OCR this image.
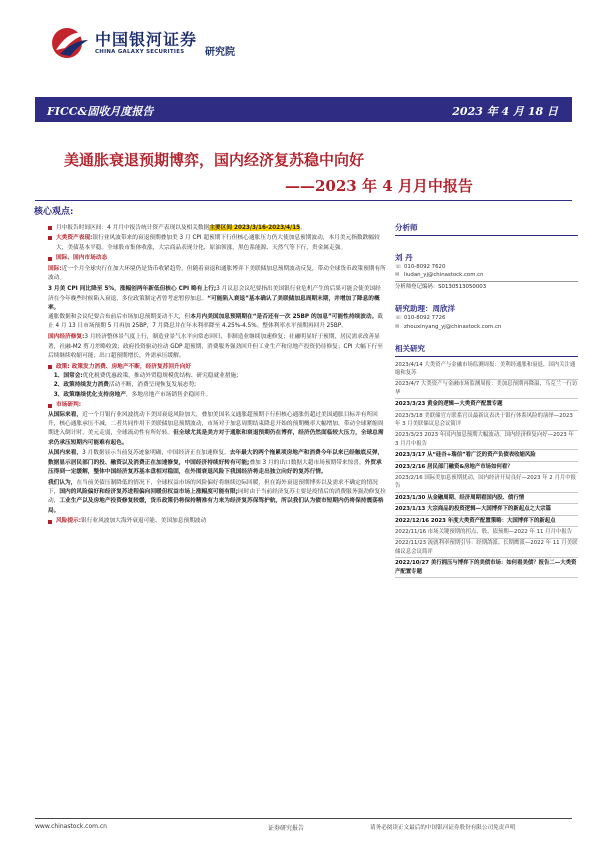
中国银河证券
CHINA GALAXY SECURITIES 研究院
FICC&固收月度报告	2023 年 4 月 18 日
美通胀衰退预期博弈，国内经济复苏稳中向好
——2023 年 4 月月中报告
核心观点:

月中报告时间区间：4 月月中报告统计资产表现以及相关数据主要区间 2023/3/16-2023/4/15。

大类资产表现:银行业风波带来的衰退预期叠加美 3 月 CPI 超预期下行但核心通胀压力仍大使加息预期波动，本月美元指数跌幅较大，美债基本平稳。全球股市集体收涨，大宗商品表现分化，原油领涨，黑色系能源、天然气等下行，贵金属走强。

国际、国内市场动态

国际:近一个月全球央行在加大环境仍是货币收紧趋势，但随着衰退和通胀博弈下美联储加息预期波动反复，带动全球货币政策预期有所波动。

3 月美 CPI 同比降至 5%，涨幅创两年新低但核心 CPI 略有上行;3 月议息会议纪要指出美国银行业危机产生的后果可能会使美国经济在今年晚些时候陷入衰退，多位政策制定者曾考虑暂停加息。“可能陷入衰退”基本确认了美联储加息周期末期，并增加了降息的概率。

通胀数据和会议纪要合布前后市场加息预期变动不大，但本月内美国加息预期期在“是否还有一次 25BP 的加息”可能性持续波动。截止 4 月 13 日市场预期 5 月再加 25BP，7 月降息并在年末利率降至 4.25%-4.5%。整体利率水平预期再回升 25BP。

国内经济修复:3 月经济整体景气度上行，制造业景气水平向常态回归，非制造业继续加速修复；社融明显好于预期，居民需求改善显著，社融-M2 剪刀差略收敛；政府投资驱动拉动 GDP 超预期，消费服务强劲回升但工业生产和房地产投资仍待修复；CPI 大幅下行至后续继续收缩可能；出口超预期增长，外需承压缓解。

政策: 政策发力消费、房地产不断，经济复苏回升向好

1、国常会:优化税费优惠政策，推动外贸稳规模优结构、研究稳就业措施;

2、政策持续发力消费活动不断，消费呈现恢复发展态势;

3、政策继续优化支持房地产，多地房地产市场销售企稳回升。

市场研判:

从国际来看，近一个月银行业风波扰动下美国衰退风险加大，叠加美国名义通胀超预期下行但核心通胀仍超过美国通胀目标并有所回升，核心通胀承压不减，二者共同作用下美联储加息预期波动，市场对于加息周期结束降息开始的预期概率大幅增加，带动全球紧缩周期进入倒计时，美元走弱，全球流动性有所好转。但全球尤其是美方对于通胀和衰退预期仍在博弈，经济仍然面临较大压力，全球总需求仍承压短期内可能难有起色。

从国内来看，3 月数据显示当前复苏迹象明确，中国经济正在加速修复。去年最大的两个拖累项房地产和消费今年以来已经触底反弹，数据显示居民部门的投、融资以及消费正在加速修复，中国经济持续好转有可能;叠加 3 月的出口数据大超市场预期带来惊喜，外贸承压得到一定缓解，整体中国经济复苏基本盘相对稳固，在外围衰退风险下我国经济将走出独立向好的复苏行情。

我们认为，在当前美债压制降低的情况下，全球权益市场的风险偏好将继续边际回暖，但在海外衰退预期博弈以及需求不确定的情况下，国内的风险偏好和经济复苏进程偏向回暖但权益市场上涨幅度可能有限;同时由于当前经济复苏主要是疫情后的消费服务强劲修复拉动，工业生产以及房地产投资修复较缓，货币政策仍将保持精准有力来为经济复苏保驾护航，所以我们认为债市短期内仍将保持震荡格局。

风险提示:银行业风波加大海外衰退可能、美国加息预期波动

分析师
刘 丹
☏ 010-8092 7620
✉ liudan_yj@chinastock.com.cn
分析师登记编码：S0130513050003
研究助理：周欣洋
☏ 010-8092 7726
✉ zhouxinyang_yj@chinastock.com.cn
相关研究
2023/4/14 大类资产与金融市场监测周报：美利经通胀和衰退，国内关注通缩和复苏
2023/4/7 大类资产与金融市场监测周报：美加息预期再降温，乌克兰一行访华
2023/3/23 黄金的逻辑—大类资产配置专题
2023/3/18 美联储官方联系官员最新议表决于银行体系风险的演绎—2023 年 3 月美联储议息会议简评
2023/3/23 2023 年国内加息预期大幅波动，国内经济修复向好—2023 年 3 月月中报告
2023/3/17 从“硅谷+瑞信”看广泛的资产负债表收缩风险
2023/2/16 居民部门融资&房地产市场如何看？
2023/2/16 国际美加息预期扰动，国内经济开局良好—2023 年 2 月月中报告
2023/1/30 从金融周期、经济周期看国内股、债行情
2023/1/13 大宗商品的投资逻辑—大国博弈下的新起点之大宗篇
2022/12/16 2023 年度大类资产配置策略：大国博弈下的新起点
2022/11/16 市场关键预期的拐点、股、债预期—2022 年 11 月月中报告
2022/11/23 流就利率预期引导：经期鸽派、长期鹰派—2022 年 11 月美联储议息会议简评
2022/10/27 美行拥压与博弈下的美债市场：如何看美债？报告二—大类资产配置专题
www.chinastock.com.cn	证券研究报告	请务必阅读正文最后的中国银河证券股份有限公司免责声明
